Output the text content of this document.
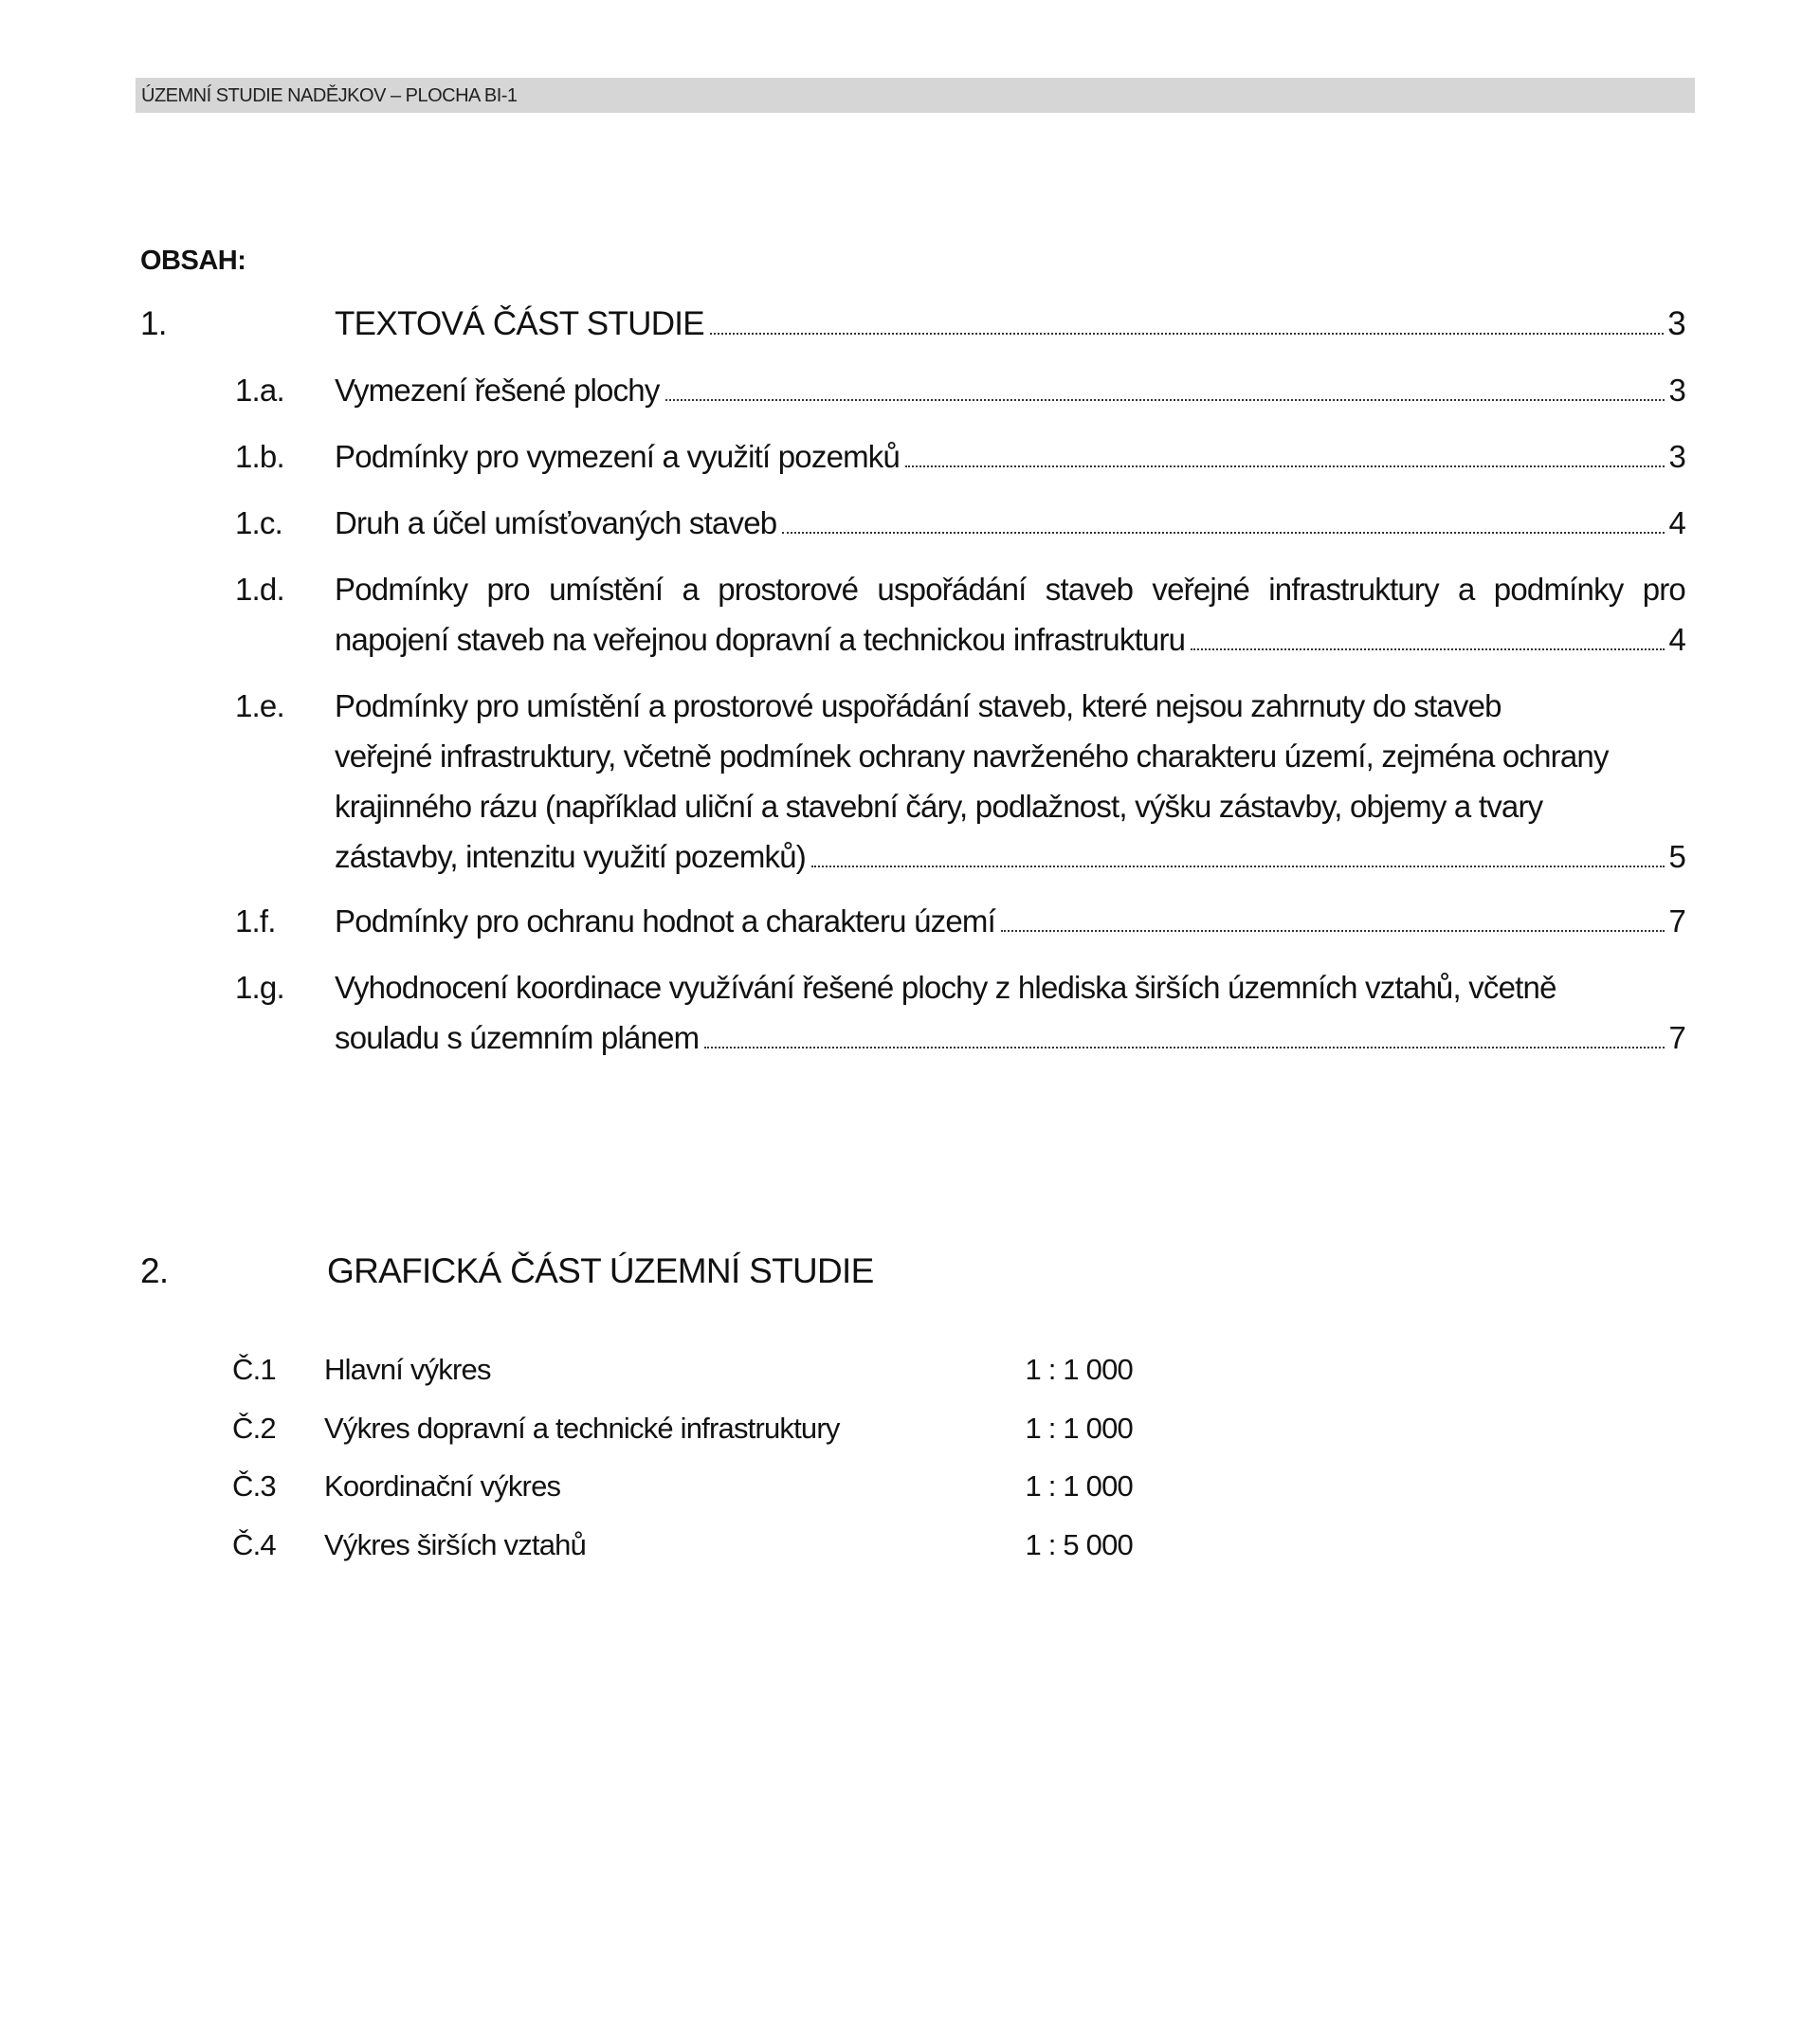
ÚZEMNÍ STUDIE NADĚJKOV – PLOCHA BI-1
OBSAH:
1.	TEXTOVÁ ČÁST STUDIE	3
1.a. Vymezení řešené plochy	3
1.b. Podmínky pro vymezení a využití pozemků	3
1.c. Druh a účel umísťovaných staveb	4
1.d. Podmínky pro umístění a prostorové uspořádání staveb veřejné infrastruktury a podmínky pro
napojení staveb na veřejnou dopravní a technickou infrastrukturu	4
1.e. Podmínky pro umístění a prostorové uspořádání staveb, které nejsou zahrnuty do staveb
veřejné infrastruktury, včetně podmínek ochrany navrženého charakteru území, zejména ochrany
krajinného rázu (například uliční a stavební čáry, podlažnost, výšku zástavby, objemy a tvary
zástavby, intenzitu využití pozemků)	5
1.f. Podmínky pro ochranu hodnot a charakteru území	7
1.g. Vyhodnocení koordinace využívání řešené plochy z hlediska širších územních vztahů, včetně
souladu s územním plánem	7
2.	GRAFICKÁ ČÁST ÚZEMNÍ STUDIE
Č.1 Hlavní výkres	1 : 1 000
Č.2 Výkres dopravní a technické infrastruktury	1 : 1 000
Č.3 Koordinační výkres	1 : 1 000
Č.4 Výkres širších vztahů	1 : 5 000
